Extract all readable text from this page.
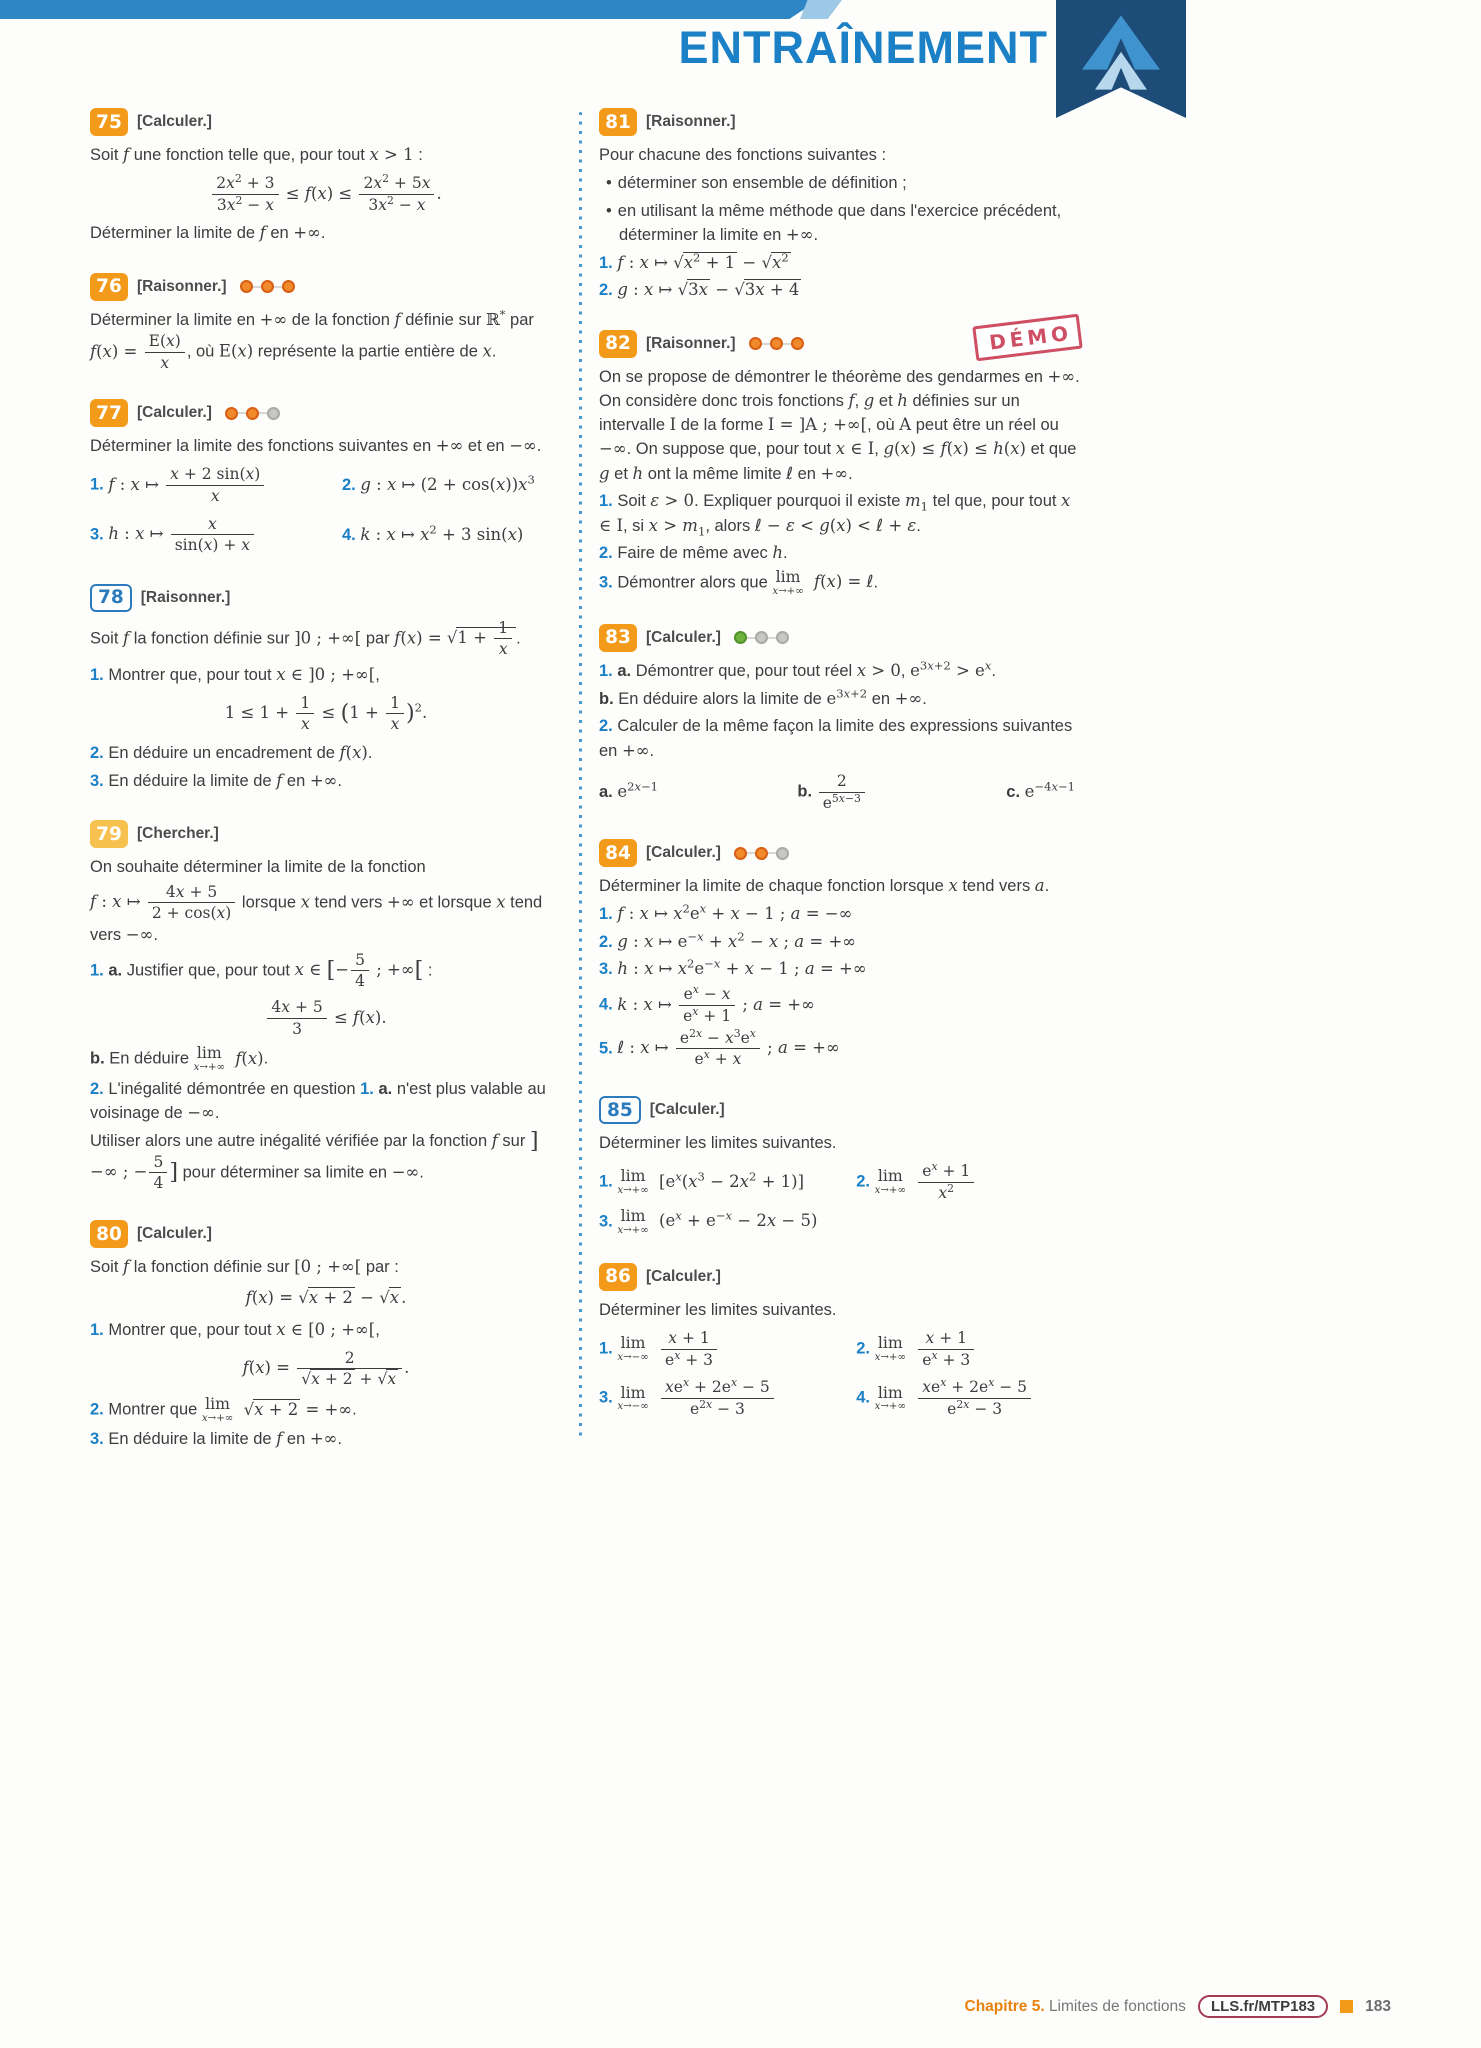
ENTRAÎNEMENT
75 [Calculer.]

Soit f une fonction telle que, pour tout x > 1 :

$\frac{2x^2 + 3}{3x^2 - x} \le f(x) \le \frac{2x^2 + 5x}{3x^2 - x}$ .

Déterminer la limite de f en +∞.

76 [Raisonner.]

Déterminer la limite en +∞ de la fonction f définie sur ℝ* par $f(x) = \frac{E(x)}{x}$ , où E(x) représente la partie entière de x.

77 [Calculer.]

Déterminer la limite des fonctions suivantes en +∞ et en −∞.

1. f : x ↦ $\frac{x + 2 \sin(x)}{x}$	2. g : x ↦ $(2 + \cos(x))x^3$

3. h : x ↦ $\frac{x}{\sin(x) + x}$	4. k : x ↦ $x^2 + 3$ sin(x)

78	[Raisonner.]

Soit f la fonction définie sur ]0 ; +∞[ par $f(x) = √1 + \frac{1}{x}$ .

1. Montrer que, pour tout x ∈ ]0 ; +∞[,

$1 \le 1 + \frac{1}{x} \le (1 + \frac{1}{x} )^2$.

2. En déduire un encadrement de f(x).

3. En déduire la limite de f en +∞.

79 [Chercher.]

On souhaite déterminer la limite de la fonction

f : x ↦ $\frac{4x + 5}{2 + \cos(x)}$ lorsque x tend vers +∞ et lorsque x tend vers −∞.

1. a. Justifier que, pour tout x ∈ [− $\frac{5}{4}$ ; +∞[ :

$\frac{4x + 5}{3} \le f(x)$.

b. En déduire lim
x→+∞ f(x).

2. L'inégalité démontrée en question 1. a. n'est plus valable au voisinage de −∞.

Utiliser alors une autre inégalité vérifiée par la fonction f sur ]−∞ ; − $\frac{5}{4}$ ] pour déterminer sa limite en −∞.

80 [Calculer.]

Soit f la fonction définie sur [0 ; +∞[ par :

f(x) = √x + 2 − √x .

1. Montrer que, pour tout x ∈ [0 ; +∞[,

$f(x) = \frac{2}{√x + 2 + √x}$ .

2. Montrer que lim
x→+∞ √x + 2 = +∞.

3. En déduire la limite de f en +∞.

81 [Raisonner.]

Pour chacune des fonctions suivantes :

• déterminer son ensemble de définition ;

• en utilisant la même méthode que dans l'exercice précédent, déterminer la limite en +∞.

1. f : x ↦ $√x^2 + 1 - √x^2$

2. g : x ↦ √3x − √3x + 4

82 [Raisonner.]	DÉMO

On se propose de démontrer le théorème des gendarmes en +∞. On considère donc trois fonctions f, g et h définies sur un intervalle I de la forme I = ]A ; +∞[, où A peut être un réel ou −∞. On suppose que, pour tout x ∈ I, g(x) ≤ f(x) ≤ h(x) et que g et h ont la même limite ℓ en +∞.

1. Soit ε > 0. Expliquer pourquoi il existe $m_1$ tel que, pour tout x ∈ I, si $x > m_1$, alors ℓ − ε < g(x) < ℓ + ε.

2. Faire de même avec h.

3. Démontrer alors que lim
x→+∞ f(x) = ℓ.

83 [Calculer.]

1. a. Démontrer que, pour tout réel x > 0, $e^{3x+2} > e^x$.

b. En déduire alors la limite de $e^{3x+2}$ en +∞.

2. Calculer de la même façon la limite des expressions suivantes en +∞.

a. $e^{2x-1}$	b. $\frac{2}{e^{5x-3}}$	c. $e^{-4x-1}$
84 [Calculer.]

Déterminer la limite de chaque fonction lorsque x tend vers a.

1. f : x ↦ $x^2e^x + x - 1$ ; a = −∞

2. g : x ↦ $e^{-x} + x^2 - x$ ; a = +∞

3. h : x ↦ $x^2e^{-x} + x - 1$ ; a = +∞

4. k : x ↦ $\frac{e^x - x}{e^x + 1}$ ; a = +∞

5. ℓ : x ↦ $\frac{e^{2x} - x^3e^x}{e^x + x}$ ; a = +∞

85	[Calculer.]

Déterminer les limites suivantes.

1. lim
x→+∞ $[e^x(x^3 - 2x^2 + 1)]$	2. lim
x→+∞
$\frac{e^x + 1}{x^2}$

3. lim
x→+∞ $(e^x + e^{-x} - 2x - 5)$

86 [Calculer.]

Déterminer les limites suivantes.

1. lim
x→−∞
$\frac{x + 1}{e^x + 3}$	2. lim
x→+∞
$\frac{x + 1}{e^x + 3}$

3. lim
x→−∞

$xe^x + 2e^x - 5$
$e^{2x} - 3$

4. lim
x→+∞

$xe^x + 2e^x - 5$
$e^{2x} - 3$

Chapitre 5. Limites de fonctions	LLS.fr/MTP183	183
